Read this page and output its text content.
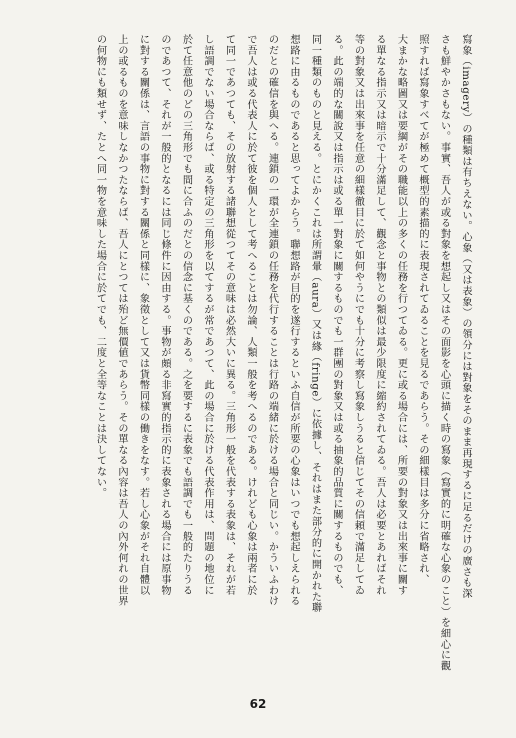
寫象（imagery）の種類は有ちえない。心象（又は表象）の領分には對象をそのまま再現するに足るだけの廣さも深
さも鮮やかさもない。事實、吾人が或る對象を想起し又はその面影を心頭に描く時の寫象（寫實的に明確な心象のこと）を細心に觀
照すれば寫象すべてが極めて概型的素描的に表現されてゐることを見るであらう。その細樣目は多分に省略され、
大まかな略圖又は要綱がその職能以上の多くの任務を行つてゐる。更に或る場合には、所要の對象又は出來事に關す
る單なる指示又は暗示で十分滿足して、觀念と事物との類似は最少限度に縮約されてゐる。吾人は必要とあればそれ
等の對象又は出來事を任意の細樣徹目に於て如何やうにでも十分に考察し寫象しうると信じてその信頼で滿足してゐ
る。此の端的な關說又は指示は或る單一對象に關するものでも一群團の對象又は或る抽象的品質に關するものでも、
同一種類のものと見える。とにかくこれは所謂暈（aura）又は緣（fringe）に依據し、それはまた部分的に開かれた聯
想路に由るものであると思ってよからう。聯想路が目的を遂行するといふ自信が所要の心象はいつでも想起しえられる
のだとの確信を與へる。連鎖の一環が全連鎖の任務を代行することは行路の端緒に於ける場合と同じい。かういふわけ
で吾人は或る代表人に於て彼を個人として考へることは勿論、人類一般を考へるのである。けれども心象は兩者に於
て同一であつても、その放射する諸聯想從つてその意味は必然大いに異る。三角形一般を代表する表象は、それが若
し語調でない場合ならば、或る特定の三角形を以てするが常であつて、此の場合に於ける代表作用は、問題の地位に
於て任意他のどの三角形でも間に合ふのだとの信念に基くのである。之を要するに表象でも語調でも一般的たりうる
のであつて、それが一般的となるには同じ條件に因由する。事物が頗る非寫實的指示的に表象される場合には原事物
に對する關係は、言語の事物に對する關係と同樣に、象徵として又は貨幣同樣の働きをなす。若し心象がそれ自體以
上の或るものを意味しなかつたならば、吾人にとつては殆ど無價値であらう。その單なる內容は吾人の內外何れの世界
の何物にも類せず、たとへ同一物を意味した場合に於てでも、二度と全等なことは決してない。
62
